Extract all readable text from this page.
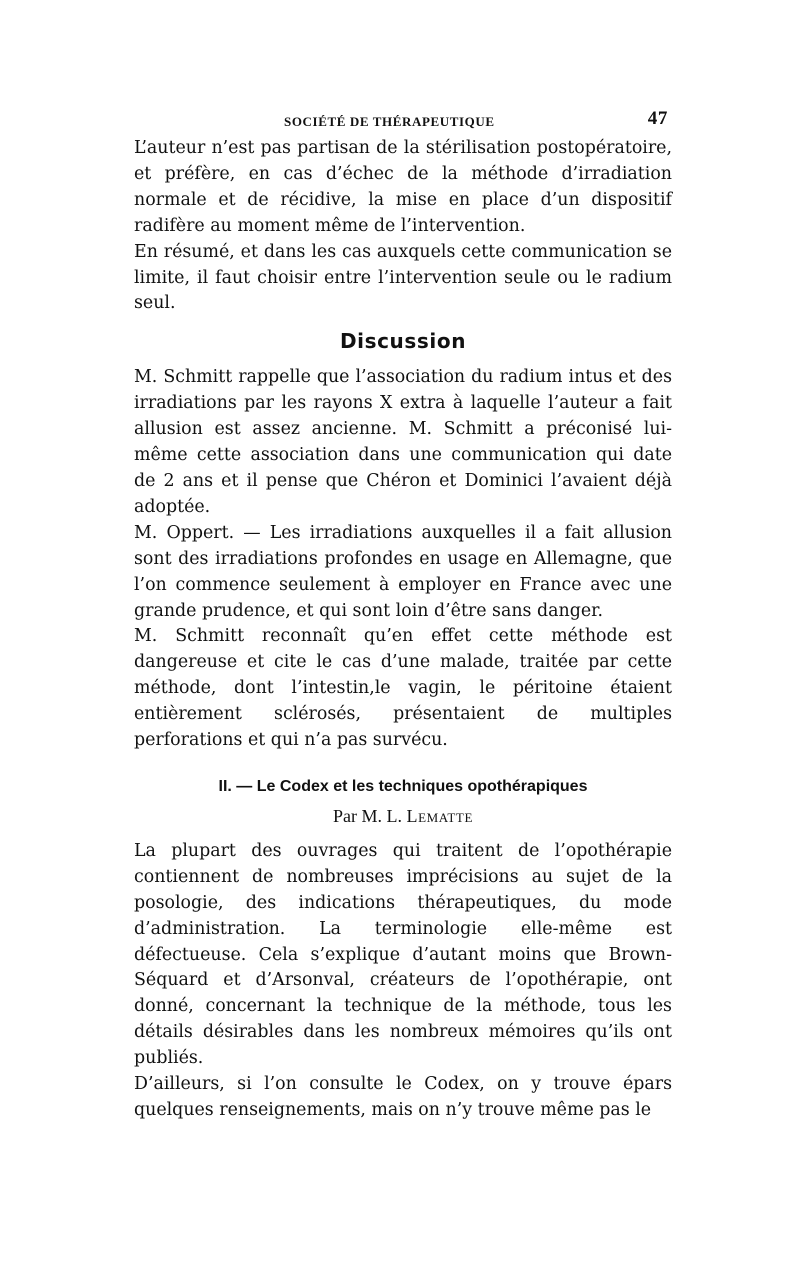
SOCIÉTÉ DE THÉRAPEUTIQUE	47

L’auteur n’est pas partisan de la stérilisation postopératoire, et préfère, en cas d’échec de la méthode d’irradiation normale et de récidive, la mise en place d’un dispositif radifère au moment même de l’intervention.

En résumé, et dans les cas auxquels cette communication se limite, il faut choisir entre l’intervention seule ou le radium seul.

Discussion

M. Schmitt rappelle que l’association du radium intus et des irradiations par les rayons X extra à laquelle l’auteur a fait allusion est assez ancienne. M. Schmitt a préconisé lui-même cette association dans une communication qui date de 2 ans et il pense que Chéron et Dominici l’avaient déjà adoptée.

M. Oppert. — Les irradiations auxquelles il a fait allusion sont des irradiations profondes en usage en Allemagne, que l’on commence seulement à employer en France avec une grande prudence, et qui sont loin d’être sans danger.

M. Schmitt reconnaît qu’en effet cette méthode est dangereuse et cite le cas d’une malade, traitée par cette méthode, dont l’intestin,le vagin, le péritoine étaient entièrement sclérosés, présentaient de multiples perforations et qui n’a pas survécu.

II. — Le Codex et les techniques opothérapiques
Par M. L. Lematte

La plupart des ouvrages qui traitent de l’opothérapie contiennent de nombreuses imprécisions au sujet de la posologie, des indications thérapeutiques, du mode d’administration. La terminologie elle-même est défectueuse. Cela s’explique d’autant moins que Brown-Séquard et d’Arsonval, créateurs de l’opothérapie, ont donné, concernant la technique de la méthode, tous les détails désirables dans les nombreux mémoires qu’ils ont publiés.

D’ailleurs, si l’on consulte le Codex, on y trouve épars quelques renseignements, mais on n’y trouve même pas le
